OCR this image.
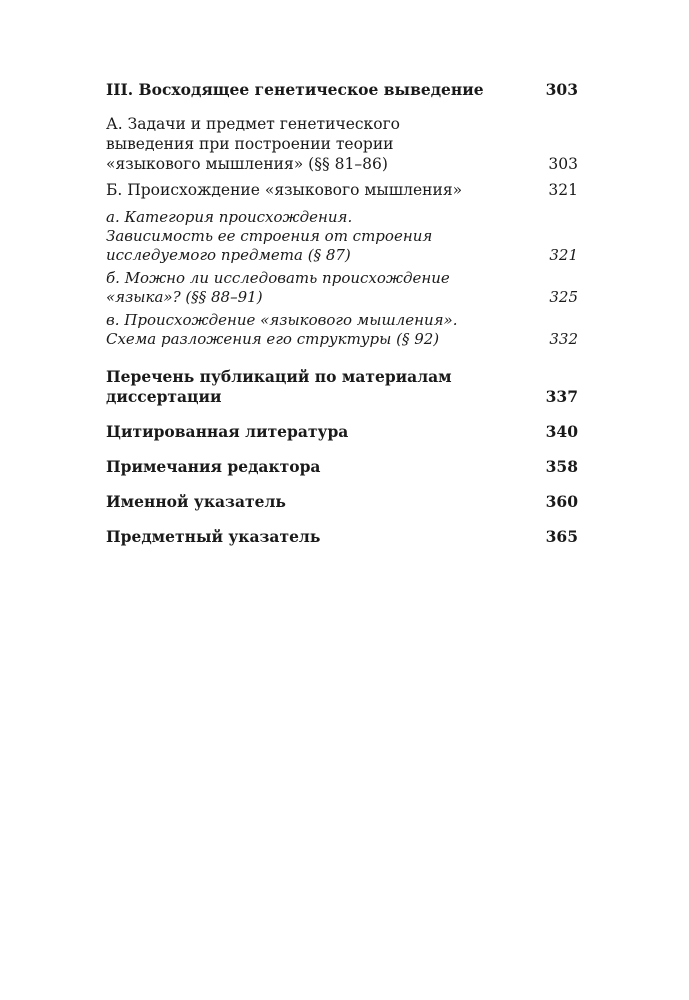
III. Восходящее генетическое выведение	303
А. Задачи и предмет генетического
выведения при построении теории
«языкового мышления» (§§ 81–86)	303
Б. Происхождение «языкового мышления»	321
а. Категория происхождения.
Зависимость ее строения от строения
исследуемого предмета (§ 87)	321
б. Можно ли исследовать происхождение
«языка»? (§§ 88–91)	325
в. Происхождение «языкового мышления».
Схема разложения его структуры (§ 92)	332
Перечень публикаций по материалам диссертации	337
Цитированная литература	340
Примечания редактора	358
Именной указатель	360
Предметный указатель	365
